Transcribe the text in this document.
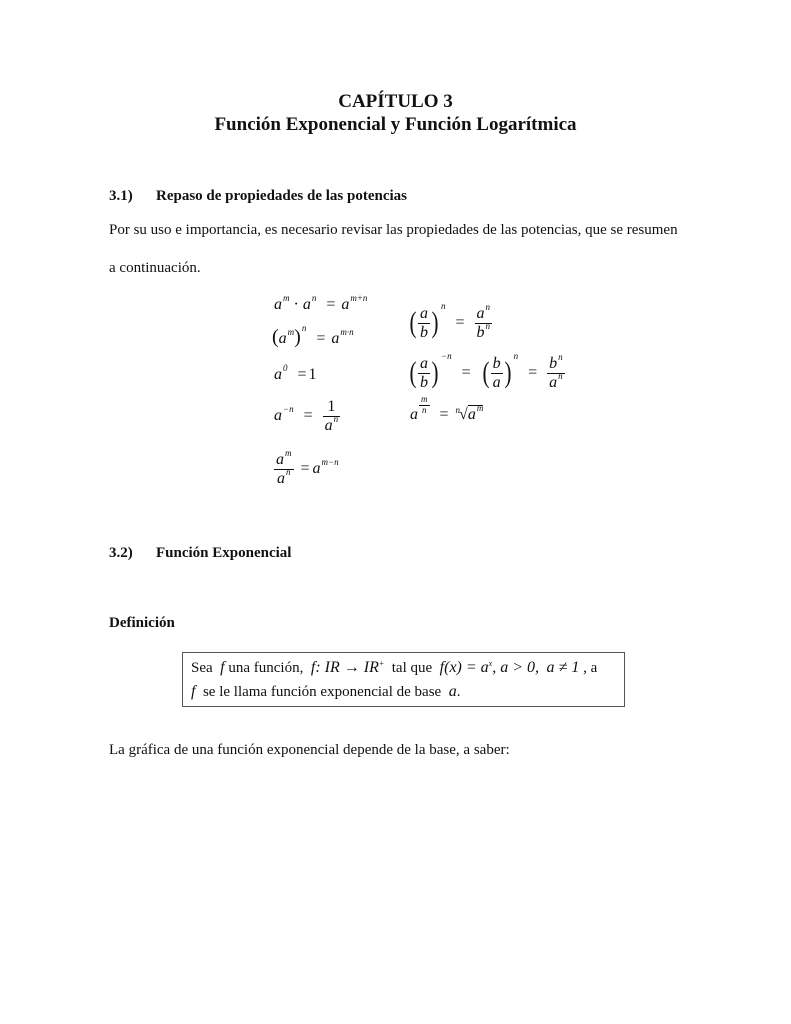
CAPÍTULO 3
Función Exponencial y Función Logarítmica
3.1) Repaso de propiedades de las potencias
Por su uso e importancia, es necesario revisar las propiedades de las potencias, que se resumen
a continuación.
$a^m \cdot a^n = a^{m+n}$
$(a^m)^n = a^{m\cdot n}$
$a^0 = 1$
$a^{-n} = \frac{1}{a^n}$
$\frac{a^m}{a^n} = a^{m-n}$
( $\frac{a}{b} )^n = \frac{a^n}{b^n}$
( $\frac{a}{b} )^{-n}$ = ( $\frac{b}{a} )^n = \frac{b^n}{a^n}$
a $\frac{m}{n} = ^n√a^m$
3.2) Función Exponencial
Definición
Sea f una función, f: IR → IR+ tal que $f(x) = a^x$, a > 0, a ≠ 1 , a
f se le llama función exponencial de base a.
La gráfica de una función exponencial depende de la base, a saber:
